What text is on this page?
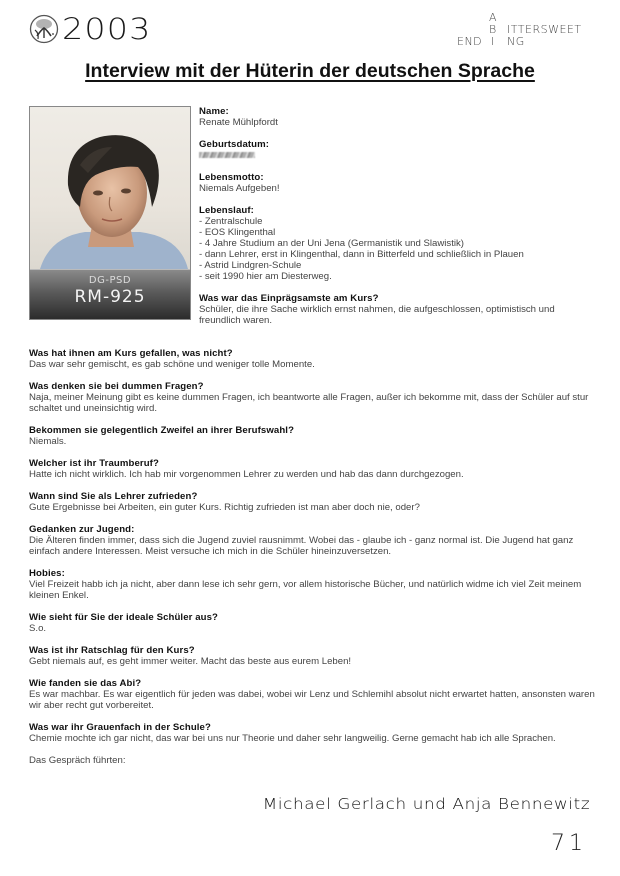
2003	A
B ITTERSWEET
END I NG
Interview mit der Hüterin der deutschen Sprache
DG-PSD
RM-925
Name:
Renate Mühlpfordt
Geburtsdatum:
Lebensmotto:
Niemals Aufgeben!
Lebenslauf:
- Zentralschule
- EOS Klingenthal
- 4 Jahre Studium an der Uni Jena (Germanistik und Slawistik)
- dann Lehrer, erst in Klingenthal, dann in Bitterfeld und schließlich in Plauen
- Astrid Lindgren-Schule
- seit 1990 hier am Diesterweg.
Was war das Einprägsamste am Kurs?
Schüler, die ihre Sache wirklich ernst nahmen, die aufgeschlossen, optimistisch und freundlich waren.
Was hat ihnen am Kurs gefallen, was nicht?
Das war sehr gemischt, es gab schöne und weniger tolle Momente.
Was denken sie bei dummen Fragen?
Naja, meiner Meinung gibt es keine dummen Fragen, ich beantworte alle Fragen, außer ich bekomme mit, dass der Schüler auf stur schaltet und uneinsichtig wird.
Bekommen sie gelegentlich Zweifel an ihrer Berufswahl?
Niemals.
Welcher ist ihr Traumberuf?
Hatte ich nicht wirklich. Ich hab mir vorgenommen Lehrer zu werden und hab das dann durchgezogen.
Wann sind Sie als Lehrer zufrieden?
Gute Ergebnisse bei Arbeiten, ein guter Kurs. Richtig zufrieden ist man aber doch nie, oder?
Gedanken zur Jugend:
Die Älteren finden immer, dass sich die Jugend zuviel rausnimmt. Wobei das - glaube ich - ganz normal ist. Die Jugend hat ganz einfach andere Interessen. Meist versuche ich mich in die Schüler hineinzuversetzen.
Hobies:
Viel Freizeit habb ich ja nicht, aber dann lese ich sehr gern, vor allem historische Bücher, und natürlich widme ich viel Zeit meinem kleinen Enkel.
Wie sieht für Sie der ideale Schüler aus?
S.o.
Was ist ihr Ratschlag für den Kurs?
Gebt niemals auf, es geht immer weiter. Macht das beste aus eurem Leben!
Wie fanden sie das Abi?
Es war machbar. Es war eigentlich für jeden was dabei, wobei wir Lenz und Schlemihl absolut nicht erwartet hatten, ansonsten waren wir aber recht gut vorbereitet.
Was war ihr Grauenfach in der Schule?
Chemie mochte ich gar nicht, das war bei uns nur Theorie und daher sehr langweilig. Gerne gemacht hab ich alle Sprachen.
Das Gespräch führten:
Michael Gerlach und Anja Bennewitz
71
